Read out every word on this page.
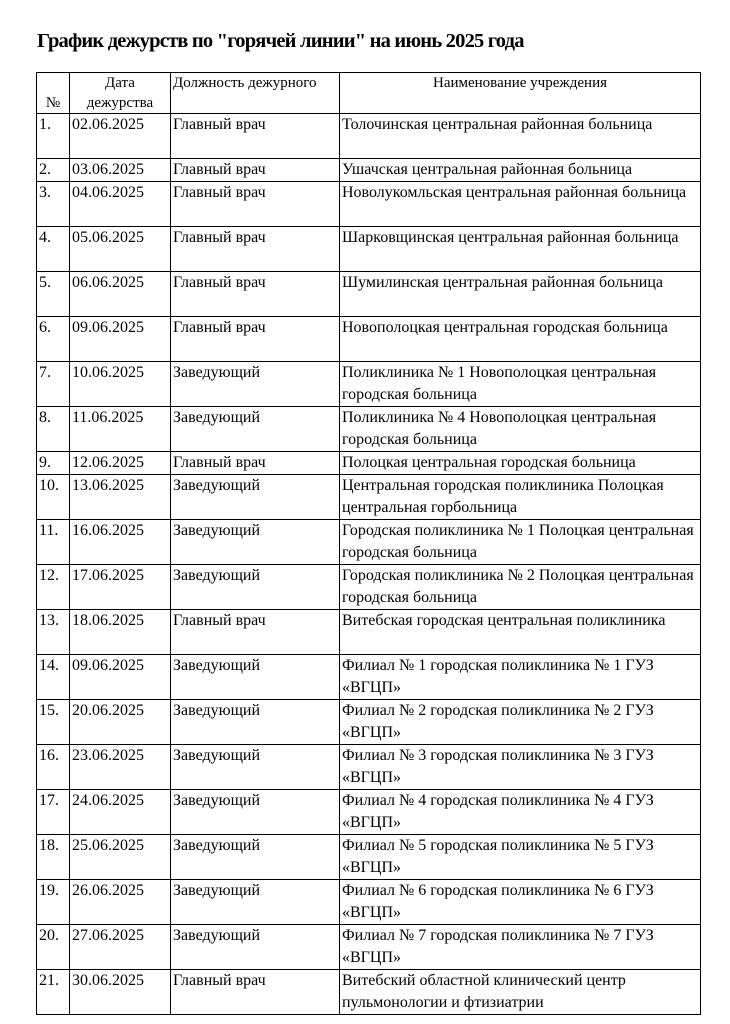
График дежурств по "горячей линии" на июнь 2025 года
№	Дата дежурства	Должность дежурного	Наименование учреждения
1.	02.06.2025	Главный врач	Толочинская центральная районная больница
2.	03.06.2025	Главный врач	Ушачская центральная районная больница
3.	04.06.2025	Главный врач	Новолукомльская центральная районная больница
4.	05.06.2025	Главный врач	Шарковщинская центральная районная больница
5.	06.06.2025	Главный врач	Шумилинская центральная районная больница
6.	09.06.2025	Главный врач	Новополоцкая центральная городская больница
7.	10.06.2025	Заведующий	Поликлиника № 1 Новополоцкая центральная городская больница
8.	11.06.2025	Заведующий	Поликлиника № 4 Новополоцкая центральная городская больница
9.	12.06.2025	Главный врач	Полоцкая центральная городская больница
10.	13.06.2025	Заведующий	Центральная городская поликлиника Полоцкая центральная горбольница
11.	16.06.2025	Заведующий	Городская поликлиника № 1 Полоцкая центральная городская больница
12.	17.06.2025	Заведующий	Городская поликлиника № 2 Полоцкая центральная городская больница
13.	18.06.2025	Главный врач	Витебская городская центральная поликлиника
14.	09.06.2025	Заведующий	Филиал № 1 городская поликлиника № 1 ГУЗ «ВГЦП»
15.	20.06.2025	Заведующий	Филиал № 2 городская поликлиника № 2 ГУЗ «ВГЦП»
16.	23.06.2025	Заведующий	Филиал № 3 городская поликлиника № 3 ГУЗ «ВГЦП»
17.	24.06.2025	Заведующий	Филиал № 4 городская поликлиника № 4 ГУЗ «ВГЦП»
18.	25.06.2025	Заведующий	Филиал № 5 городская поликлиника № 5 ГУЗ «ВГЦП»
19.	26.06.2025	Заведующий	Филиал № 6 городская поликлиника № 6 ГУЗ «ВГЦП»
20.	27.06.2025	Заведующий	Филиал № 7 городская поликлиника № 7 ГУЗ «ВГЦП»
21.	30.06.2025	Главный врач	Витебский областной клинический центр пульмонологии и фтизиатрии
